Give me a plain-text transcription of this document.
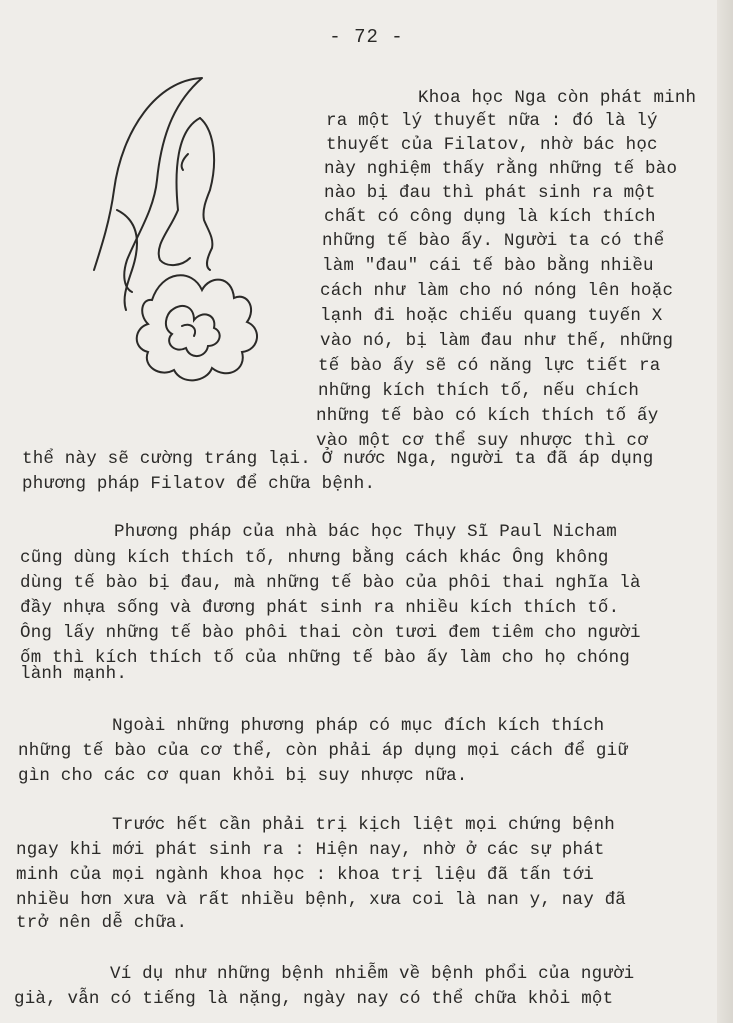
- 72 -
Khoa học Nga còn phát minh
ra một lý thuyết nữa : đó là lý
thuyết của Filatov, nhờ bác học
này nghiệm thấy rằng những tế bào
nào bị đau thì phát sinh ra một
chất có công dụng là kích thích
những tế bào ấy. Người ta có thể
làm "đau" cái tế bào bằng nhiều
cách như làm cho nó nóng lên hoặc
lạnh đi hoặc chiếu quang tuyến X
vào nó, bị làm đau như thế, những
tế bào ấy sẽ có năng lực tiết ra
những kích thích tố, nếu chích
những tế bào có kích thích tố ấy
vào một cơ thể suy nhược thì cơ
thể này sẽ cường tráng lại. Ở nước Nga, người ta đã áp dụng
phương pháp Filatov để chữa bệnh.
Phương pháp của nhà bác học Thụy Sĩ Paul Nicham
cũng dùng kích thích tố, nhưng bằng cách khác Ông không
dùng tế bào bị đau, mà những tế bào của phôi thai nghĩa là
đầy nhựa sống và đương phát sinh ra nhiều kích thích tố.
Ông lấy những tế bào phôi thai còn tươi đem tiêm cho người
ốm thì kích thích tố của những tế bào ấy làm cho họ chóng
lành mạnh.
Ngoài những phương pháp có mục đích kích thích
những tế bào của cơ thể, còn phải áp dụng mọi cách để giữ
gìn cho các cơ quan khỏi bị suy nhược nữa.
Trước hết cần phải trị kịch liệt mọi chứng bệnh
ngay khi mới phát sinh ra : Hiện nay, nhờ ở các sự phát
minh của mọi ngành khoa học : khoa trị liệu đã tấn tới
nhiều hơn xưa và rất nhiều bệnh, xưa coi là nan y, nay đã
trở nên dễ chữa.
Ví dụ như những bệnh nhiễm về bệnh phổi của người
già, vẫn có tiếng là nặng, ngày nay có thể chữa khỏi một
